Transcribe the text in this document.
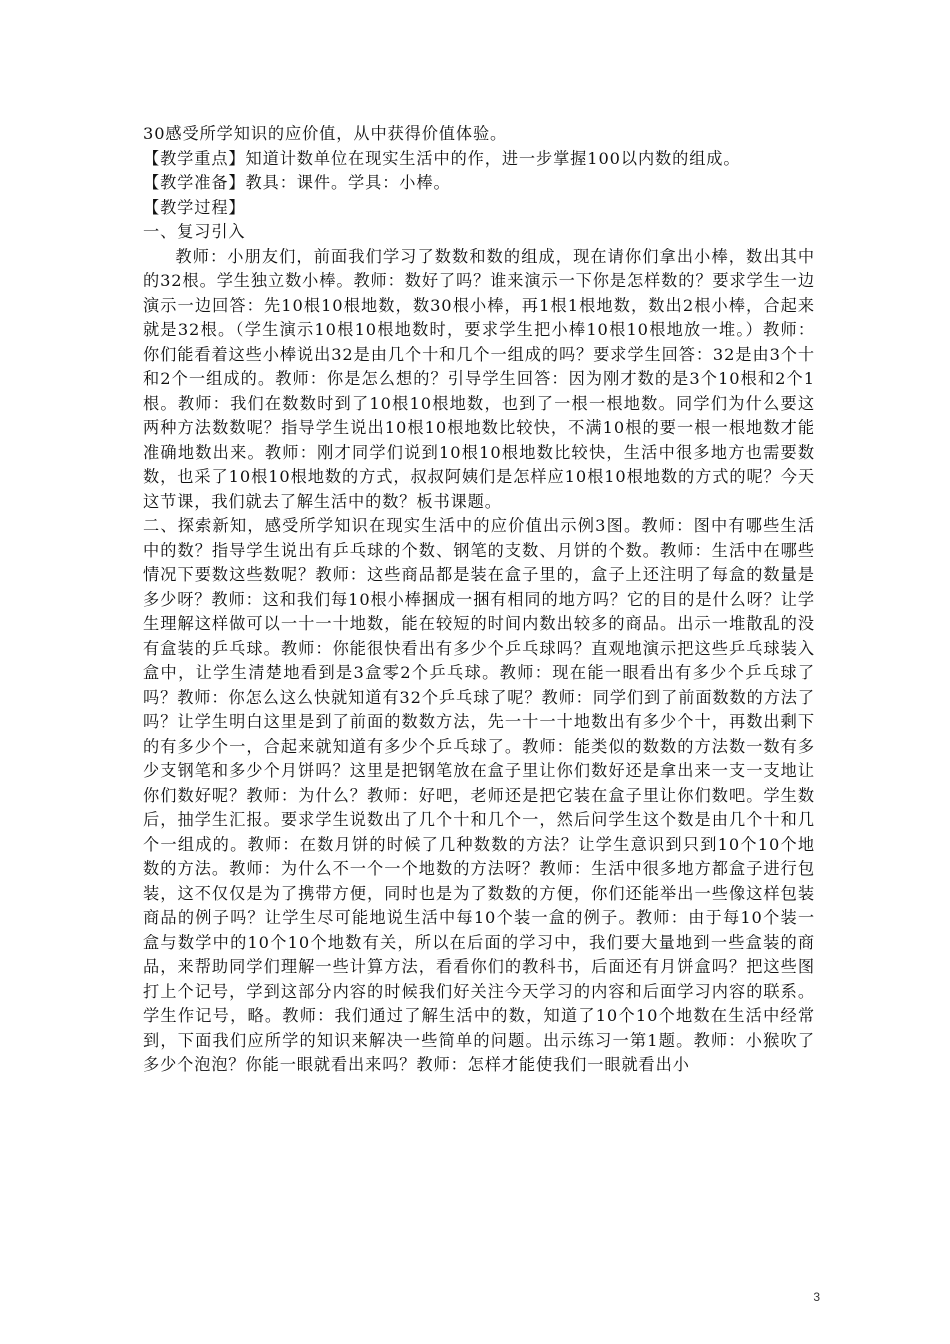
30感受所学知识的应价值，从中获得价值体验。

【教学重点】知道计数单位在现实生活中的作，进一步掌握100以内数的组成。

【教学准备】教具：课件。学具：小棒。

【教学过程】

一、复习引入

教师：小朋友们，前面我们学习了数数和数的组成，现在请你们拿出小棒，数出其中的32根。学生独立数小棒。教师：数好了吗？谁来演示一下你是怎样数的？要求学生一边演示一边回答：先10根10根地数，数30根小棒，再1根1根地数，数出2根小棒，合起来就是32根。（学生演示10根10根地数时，要求学生把小棒10根10根地放一堆。）教师：你们能看着这些小棒说出32是由几个十和几个一组成的吗？要求学生回答：32是由3个十和2个一组成的。教师：你是怎么想的？引导学生回答：因为刚才数的是3个10根和2个1根。教师：我们在数数时到了10根10根地数，也到了一根一根地数。同学们为什么要这两种方法数数呢？指导学生说出10根10根地数比较快，不满10根的要一根一根地数才能准确地数出来。教师：刚才同学们说到10根10根地数比较快，生活中很多地方也需要数数，也采了10根10根地数的方式，叔叔阿姨们是怎样应10根10根地数的方式的呢？今天这节课，我们就去了解生活中的数？板书课题。

二、探索新知，感受所学知识在现实生活中的应价值出示例3图。教师：图中有哪些生活中的数？指导学生说出有乒乓球的个数、钢笔的支数、月饼的个数。教师：生活中在哪些情况下要数这些数呢？教师：这些商品都是装在盒子里的，盒子上还注明了每盒的数量是多少呀？教师：这和我们每10根小棒捆成一捆有相同的地方吗？它的目的是什么呀？让学生理解这样做可以一十一十地数，能在较短的时间内数出较多的商品。出示一堆散乱的没有盒装的乒乓球。教师：你能很快看出有多少个乒乓球吗？直观地演示把这些乒乓球装入盒中，让学生清楚地看到是3盒零2个乒乓球。教师：现在能一眼看出有多少个乒乓球了吗？教师：你怎么这么快就知道有32个乒乓球了呢？教师：同学们到了前面数数的方法了吗？让学生明白这里是到了前面的数数方法，先一十一十地数出有多少个十，再数出剩下的有多少个一，合起来就知道有多少个乒乓球了。教师：能类似的数数的方法数一数有多少支钢笔和多少个月饼吗？这里是把钢笔放在盒子里让你们数好还是拿出来一支一支地让你们数好呢？教师：为什么？教师：好吧，老师还是把它装在盒子里让你们数吧。学生数后，抽学生汇报。要求学生说数出了几个十和几个一，然后问学生这个数是由几个十和几个一组成的。教师：在数月饼的时候了几种数数的方法？让学生意识到只到10个10个地数的方法。教师：为什么不一个一个地数的方法呀？教师：生活中很多地方都盒子进行包装，这不仅仅是为了携带方便，同时也是为了数数的方便，你们还能举出一些像这样包装商品的例子吗？让学生尽可能地说生活中每10个装一盒的例子。教师：由于每10个装一盒与数学中的10个10个地数有关，所以在后面的学习中，我们要大量地到一些盒装的商品，来帮助同学们理解一些计算方法，看看你们的教科书，后面还有月饼盒吗？把这些图打上个记号，学到这部分内容的时候我们好关注今天学习的内容和后面学习内容的联系。学生作记号，略。教师：我们通过了解生活中的数，知道了10个10个地数在生活中经常到，下面我们应所学的知识来解决一些简单的问题。出示练习一第1题。教师：小猴吹了多少个泡泡？你能一眼就看出来吗？教师：怎样才能使我们一眼就看出小

3
